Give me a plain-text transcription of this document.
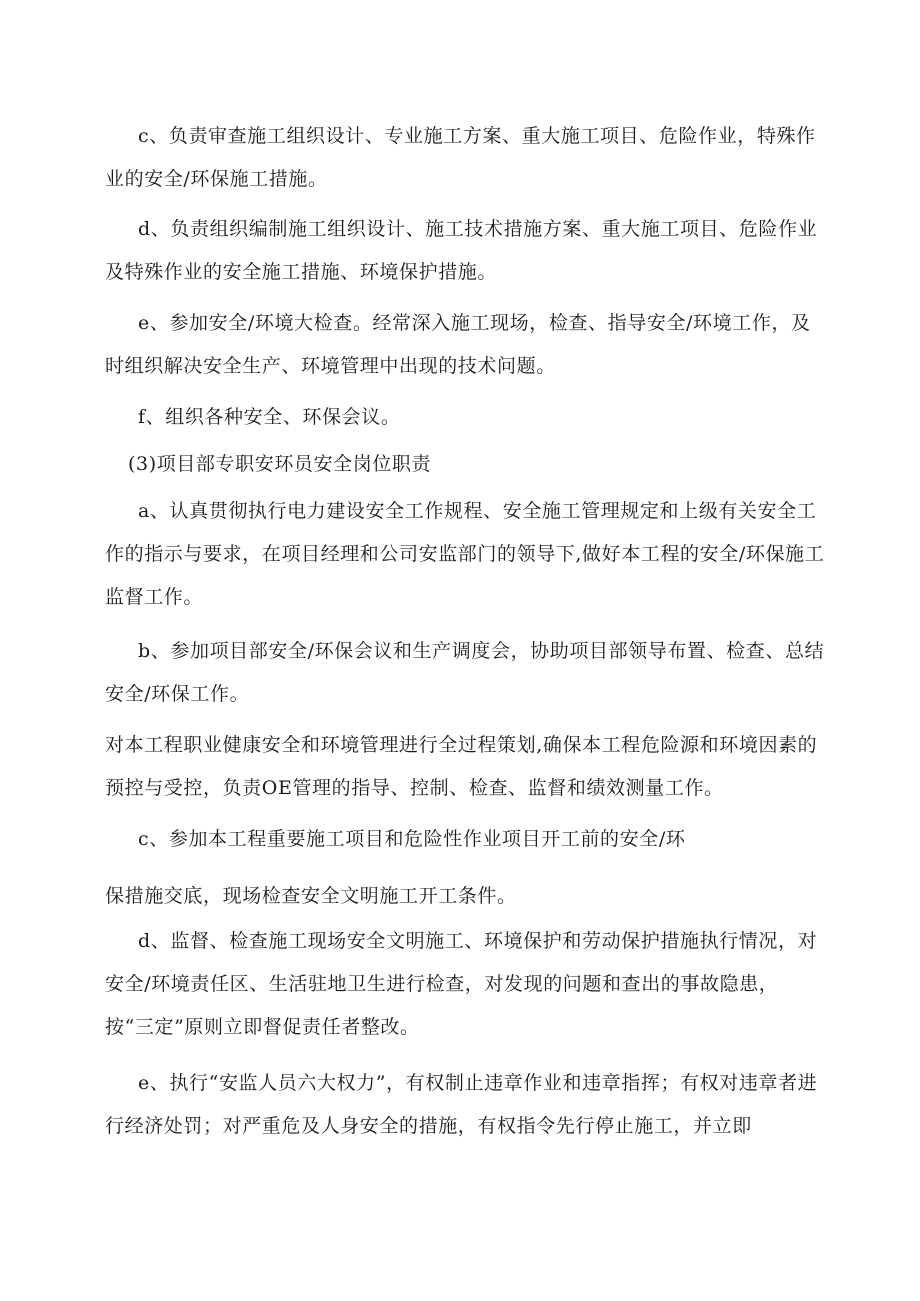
c、负责审查施工组织设计、专业施工方案、重大施工项目、危险作业，特殊作业的安全/环保施工措施。

d、负责组织编制施工组织设计、施工技术措施方案、重大施工项目、危险作业及特殊作业的安全施工措施、环境保护措施。

e、参加安全/环境大检查。经常深入施工现场，检查、指导安全/环境工作，及时组织解决安全生产、环境管理中出现的技术问题。

f、组织各种安全、环保会议。

(3)项目部专职安环员安全岗位职责

a、认真贯彻执行电力建设安全工作规程、安全施工管理规定和上级有关安全工作的指示与要求，在项目经理和公司安监部门的领导下,做好本工程的安全/环保施工监督工作。

b、参加项目部安全/环保会议和生产调度会，协助项目部领导布置、检查、总结安全/环保工作。

对本工程职业健康安全和环境管理进行全过程策划,确保本工程危险源和环境因素的预控与受控，负责OE管理的指导、控制、检查、监督和绩效测量工作。

c、参加本工程重要施工项目和危险性作业项目开工前的安全/环

保措施交底，现场检查安全文明施工开工条件。

d、监督、检查施工现场安全文明施工、环境保护和劳动保护措施执行情况，对安全/环境责任区、生活驻地卫生进行检查，对发现的问题和查出的事故隐患，按“三定”原则立即督促责任者整改。

e、执行“安监人员六大权力”，有权制止违章作业和违章指挥；有权对违章者进行经济处罚；对严重危及人身安全的措施，有权指令先行停止施工，并立即
